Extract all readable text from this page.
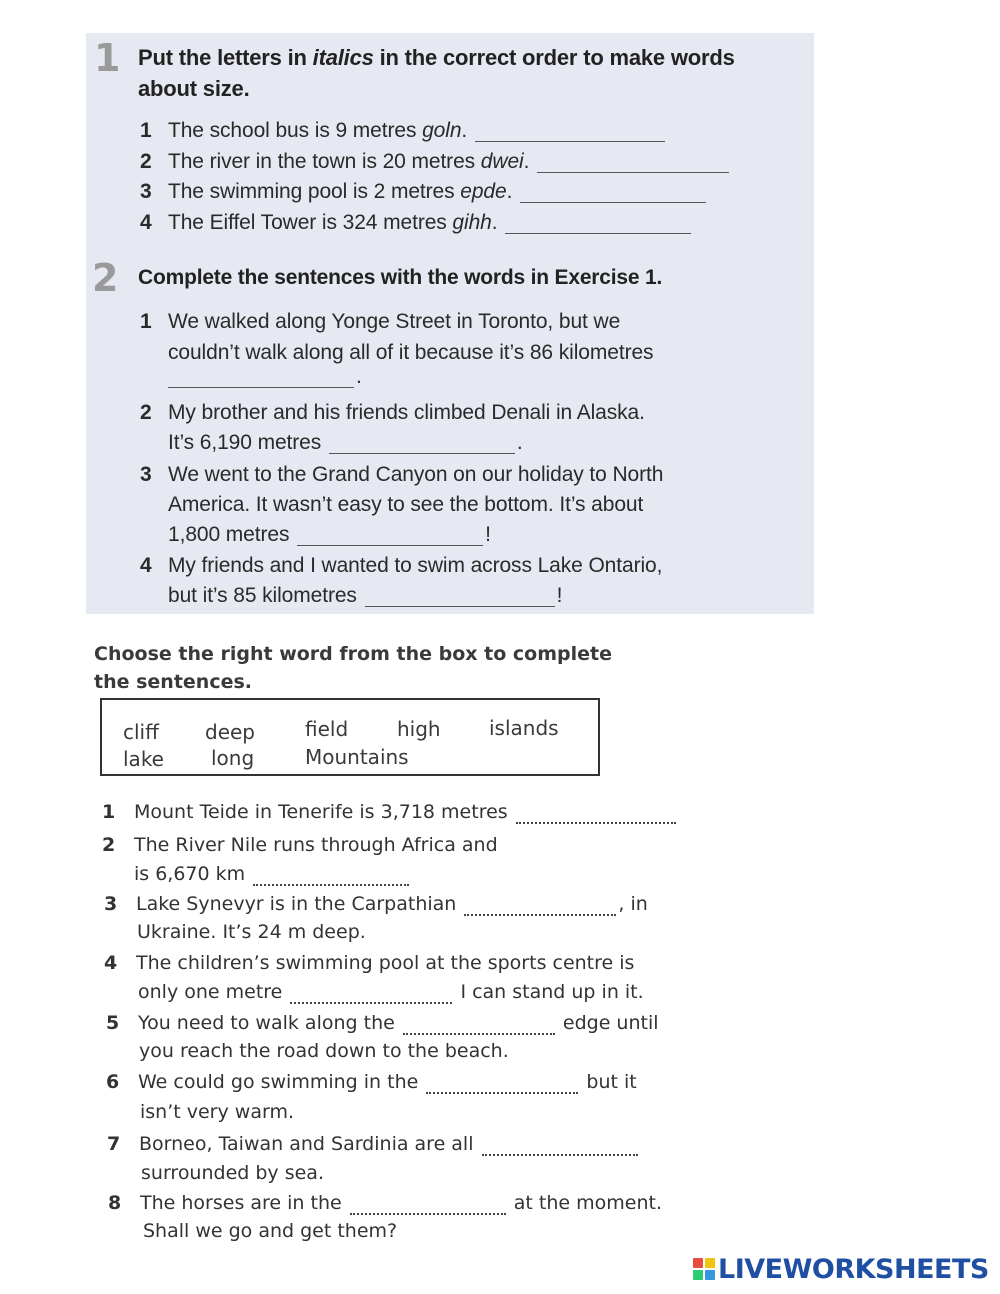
1 Put the letters in italics in the correct order to make words
about size.
1 The school bus is 9 metres goln.
2 The river in the town is 20 metres dwei.
3 The swimming pool is 2 metres epde.
4 The Eiffel Tower is 324 metres gihh.
2 Complete the sentences with the words in Exercise 1.
1 We walked along Yonge Street in Toronto, but we
couldn’t walk along all of it because it’s 86 kilometres
.
2 My brother and his friends climbed Denali in Alaska.
It’s 6,190 metres	.
3 We went to the Grand Canyon on our holiday to North
America. It wasn’t easy to see the bottom. It’s about
1,800 metres	!
4 My friends and I wanted to swim across Lake Ontario,
but it’s 85 kilometres	!
Choose the right word from the box to complete
the sentences.
cliff deep	field high islands
lake long	Mountains
1 Mount Teide in Tenerife is 3,718 metres
2 The River Nile runs through Africa and
is 6,670 km
3 Lake Synevyr is in the Carpathian	, in
Ukraine. It’s 24 m deep.
4 The children’s swimming pool at the sports centre is
only one metre	I can stand up in it.
5 You need to walk along the	edge until
you reach the road down to the beach.
6 We could go swimming in the	but it
isn’t very warm.
7 Borneo, Taiwan and Sardinia are all
surrounded by sea.
8 The horses are in the	at the moment.
Shall we go and get them?
LIVEWORKSHEETS
